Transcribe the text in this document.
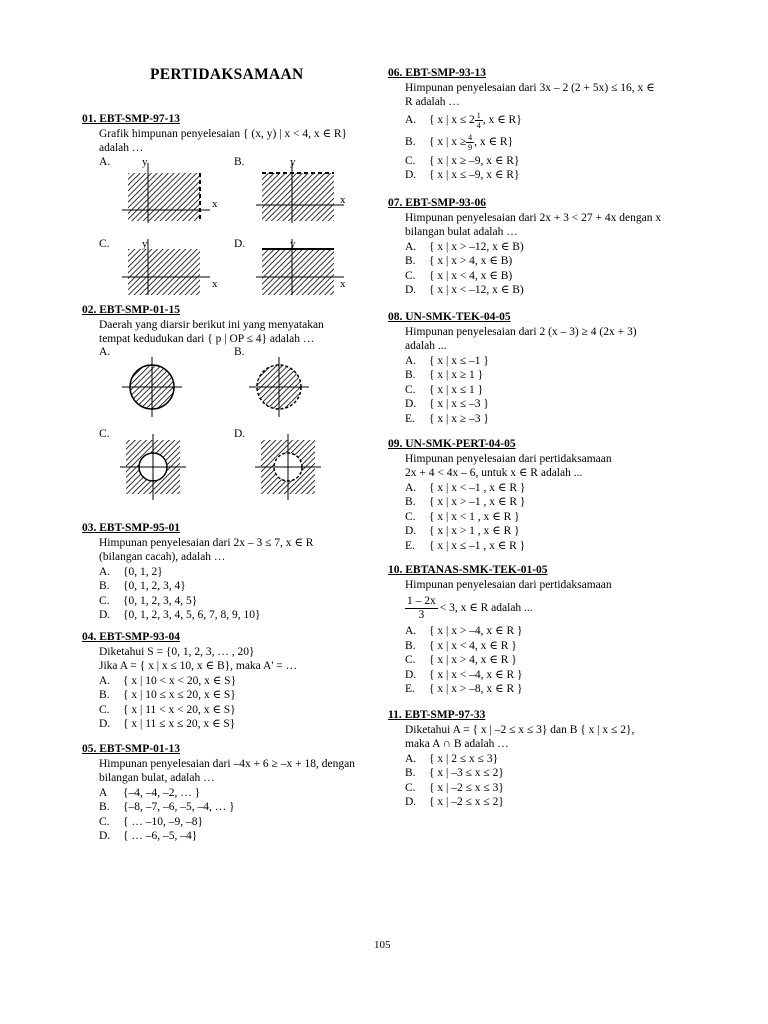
PERTIDAKSAMAAN
01. EBT-SMP-97-13
Grafik himpunan penyelesaian { (x, y) | x < 4, x ∈ R}
adalah …
A.	B.
C.	D.
y
x
y
x
y
x
y
x
02. EBT-SMP-01-15
Daerah yang diarsir berikut ini yang menyatakan
tempat kedudukan dari { p | OP ≤ 4} adalah …
A.	B.
C.	D.
03. EBT-SMP-95-01
Himpunan penyelesaian dari 2x – 3 ≤ 7, x ∈ R
(bilangan cacah), adalah …
A.	{0, 1, 2}
B.	{0, 1, 2, 3, 4}
C.	{0, 1, 2, 3, 4, 5}
D.	{0, 1, 2, 3, 4, 5, 6, 7, 8, 9, 10}
04. EBT-SMP-93-04
Diketahui S = {0, 1, 2, 3, … , 20}
Jika A = { x | x ≤ 10, x ∈ B}, maka A' = …
A.	{ x | 10 < x < 20, x ∈ S}
B.	{ x | 10 ≤ x ≤ 20, x ∈ S}
C.	{ x | 11 < x < 20, x ∈ S}
D.	{ x | 11 ≤ x ≤ 20, x ∈ S}
05. EBT-SMP-01-13
Himpunan penyelesaian dari –4x + 6 ≥ –x + 18, dengan
bilangan bulat, adalah …
A	{–4, –4, –2, … }
B.	{–8, –7, –6, –5, –4, … }
C.	{ … –10, –9, –8}
D.	{ … –6, –5, –4}
06. EBT-SMP-93-13
Himpunan penyelesaian dari 3x – 2 (2 + 5x) ≤ 16, x ∈
R adalah …
A.	{ x | $x \le 2 \frac{1}{4}$ , x ∈ R}
B.	{ x | $x \ge \frac{4}{9}$ , x ∈ R}
C.	{ x | x ≥ –9, x ∈ R}
D.	{ x | x ≤ –9, x ∈ R}
07. EBT-SMP-93-06
Himpunan penyelesaian dari 2x + 3 < 27 + 4x dengan x
bilangan bulat adalah …
A.	{ x | x > –12, x ∈ B)
B.	{ x | x > 4, x ∈ B)
C.	{ x | x < 4, x ∈ B)
D.	{ x | x < –12, x ∈ B)
08. UN-SMK-TEK-04-05
Himpunan penyelesaian dari 2 (x – 3) ≥ 4 (2x + 3)
adalah ...
A.	{ x | x ≤ –1 }
B.	{ x | x ≥ 1 }
C.	{ x | x ≤ 1 }
D.	{ x | x ≤ –3 }
E.	{ x | x ≥ –3 }
09. UN-SMK-PERT-04-05
Himpunan penyelesaian dari pertidaksamaan
2x + 4 < 4x – 6, untuk x ∈ R adalah ...
A.	{ x | x < –1 , x ∈ R }
B.	{ x | x > –1 , x ∈ R }
C.	{ x | x < 1 , x ∈ R }
D.	{ x | x > 1 , x ∈ R }
E.	{ x | x ≤ –1 , x ∈ R }
10. EBTANAS-SMK-TEK-01-05
Himpunan penyelesaian dari pertidaksamaan
$\frac{1 - 2x}{3} < 3$, x ∈ R adalah ...
A.	{ x | x > –4, x ∈ R }
B.	{ x | x < 4, x ∈ R }
C.	{ x | x > 4, x ∈ R }
D.	{ x | x < –4, x ∈ R }
E.	{ x | x > –8, x ∈ R }
11. EBT-SMP-97-33
Diketahui A = { x | –2 ≤ x ≤ 3} dan B { x | x ≤ 2},
maka A ∩ B adalah …
A.	{ x | 2 ≤ x ≤ 3}
B.	{ x | –3 ≤ x ≤ 2}
C.	{ x | –2 ≤ x ≤ 3}
D.	{ x | –2 ≤ x ≤ 2}
105
